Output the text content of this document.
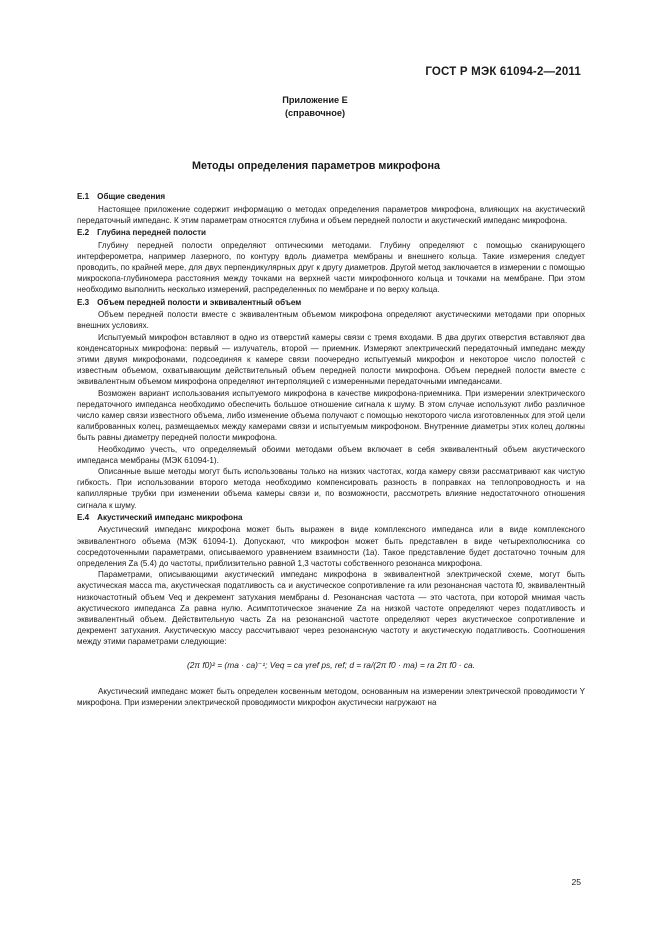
ГОСТ Р МЭК 61094-2—2011
Приложение Е
(справочное)
Методы определения параметров микрофона
Е.1 Общие сведения

Настоящее приложение содержит информацию о методах определения параметров микрофона, влияющих на акустический передаточный импеданс. К этим параметрам относятся глубина и объем передней полости и акустический импеданс микрофона.

Е.2 Глубина передней полости

Глубину передней полости определяют оптическими методами. Глубину определяют с помощью сканирующего интерферометра, например лазерного, по контуру вдоль диаметра мембраны и внешнего кольца. Такие измерения следует проводить, по крайней мере, для двух перпендикулярных друг к другу диаметров. Другой метод заключается в измерении с помощью микроскопа-глубиномера расстояния между точками на верхней части микрофонного кольца и точками на мембране. При этом необходимо выполнить несколько измерений, распределенных по мембране и по верху кольца.

Е.3 Объем передней полости и эквивалентный объем

Объем передней полости вместе с эквивалентным объемом микрофона определяют акустическими методами при опорных внешних условиях.

Испытуемый микрофон вставляют в одно из отверстий камеры связи с тремя входами. В два других отверстия вставляют два конденсаторных микрофона: первый — излучатель, второй — приемник. Измеряют электрический передаточный импеданс между этими двумя микрофонами, подсоединяя к камере связи поочередно испытуемый микрофон и некоторое число полостей с известным объемом, охватывающим действительный объем передней полости микрофона. Объем передней полости вместе с эквивалентным объемом микрофона определяют интерполяцией с измеренными передаточными импедансами.

Возможен вариант использования испытуемого микрофона в качестве микрофона-приемника. При измерении электрического передаточного импеданса необходимо обеспечить большое отношение сигнала к шуму. В этом случае используют либо различное число камер связи известного объема, либо изменение объема получают с помощью некоторого числа изготовленных для этой цели калиброванных колец, размещаемых между камерами связи и испытуемым микрофоном. Внутренние диаметры этих колец должны быть равны диаметру передней полости микрофона.

Необходимо учесть, что определяемый обоими методами объем включает в себя эквивалентный объем акустического импеданса мембраны (МЭК 61094-1).

Описанные выше методы могут быть использованы только на низких частотах, когда камеру связи рассматривают как чистую гибкость. При использовании второго метода необходимо компенсировать разность в поправках на теплопроводность и на капиллярные трубки при изменении объема камеры связи и, по возможности, рассмотреть влияние недостаточного отношения сигнала к шуму.

Е.4 Акустический импеданс микрофона

Акустический импеданс микрофона может быть выражен в виде комплексного импеданса или в виде комплексного эквивалентного объема (МЭК 61094-1). Допускают, что микрофон может быть представлен в виде четырехполюсника со сосредоточенными параметрами, описываемого уравнением взаимности (1а). Такое представление будет достаточно точным для определения Za (5.4) до частоты, приблизительно равной 1,3 частоты собственного резонанса микрофона.

Параметрами, описывающими акустический импеданс микрофона в эквивалентной электрической схеме, могут быть акустическая масса ma, акустическая податливость ca и акустическое сопротивление ra или резонансная частота f0, эквивалентный низкочастотный объем Veq и декремент затухания мембраны d. Резонансная частота — это частота, при которой мнимая часть акустического импеданса Za равна нулю. Асимптотическое значение Za на низкой частоте определяют через податливость и эквивалентный объем. Действительную часть Za на резонансной частоте определяют через акустическое сопротивление и декремент затухания. Акустическую массу рассчитывают через резонансную частоту и акустическую податливость. Соотношения между этими параметрами следующие:

(2π f0)² = (ma · ca)⁻¹; Veq = ca γref ps, ref; d = ra/(2π f0 · ma) = ra 2π f0 · ca.

Акустический импеданс может быть определен косвенным методом, основанным на измерении электрической проводимости Y микрофона. При измерении электрической проводимости микрофон акустически нагружают на

25
